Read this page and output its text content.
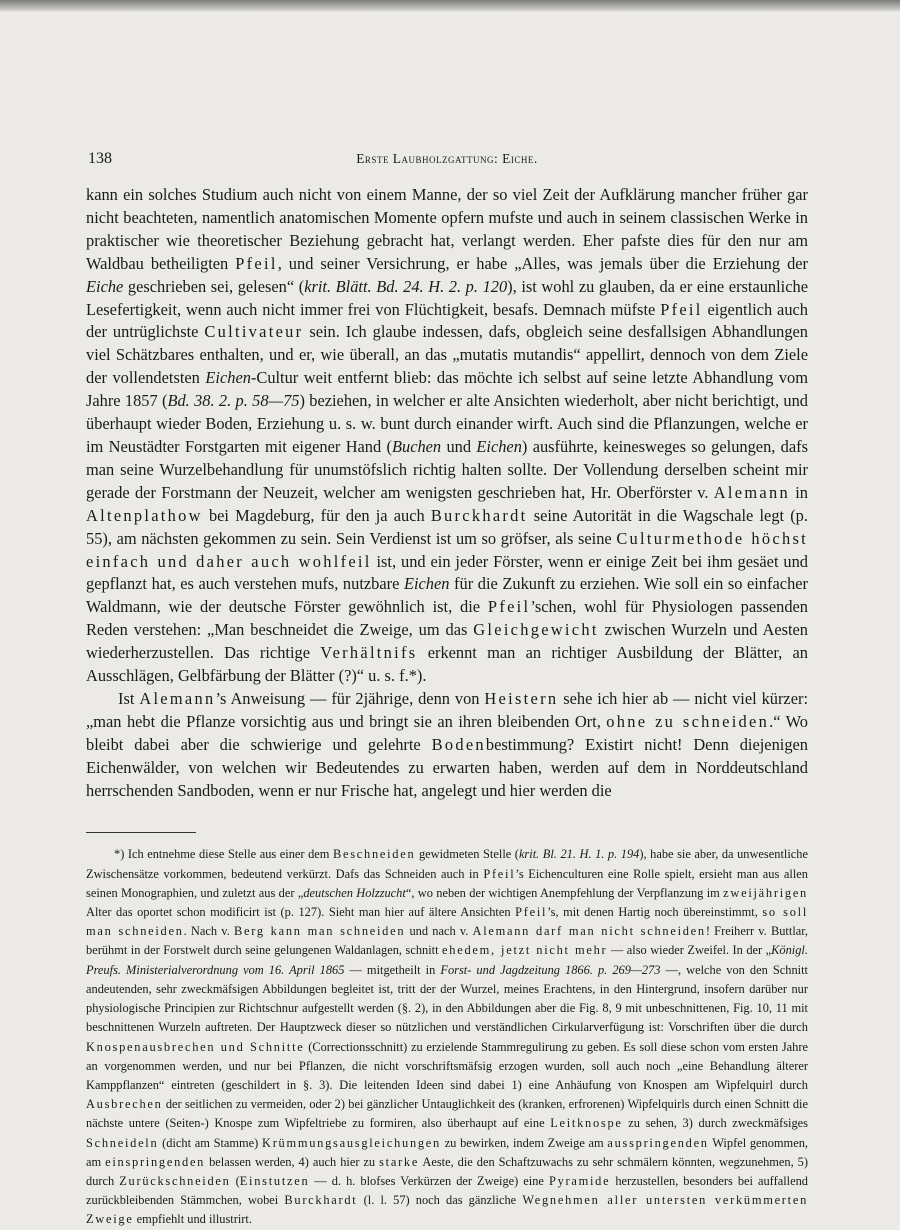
138	Erste Laubholzgattung: Eiche.

kann ein solches Studium auch nicht von einem Manne, der so viel Zeit der Aufklärung mancher früher gar nicht beachteten, namentlich anatomischen Momente opfern mufste und auch in seinem classischen Werke in praktischer wie theoretischer Beziehung gebracht hat, verlangt werden. Eher pafste dies für den nur am Waldbau betheiligten Pfeil, und seiner Versichrung, er habe „Alles, was jemals über die Erziehung der Eiche geschrieben sei, gelesen“ (krit. Blätt. Bd. 24. H. 2. p. 120), ist wohl zu glauben, da er eine erstaunliche Lesefertigkeit, wenn auch nicht immer frei von Flüchtigkeit, besafs. Demnach müfste Pfeil eigentlich auch der untrüglichste Cultivateur sein. Ich glaube indessen, dafs, obgleich seine desfallsigen Abhandlungen viel Schätzbares enthalten, und er, wie überall, an das „mutatis mutandis“ appellirt, dennoch von dem Ziele der vollendetsten Eichen-Cultur weit entfernt blieb: das möchte ich selbst auf seine letzte Abhandlung vom Jahre 1857 (Bd. 38. 2. p. 58—75) beziehen, in welcher er alte Ansichten wiederholt, aber nicht berichtigt, und überhaupt wieder Boden, Erziehung u. s. w. bunt durch einander wirft. Auch sind die Pflanzungen, welche er im Neustädter Forstgarten mit eigener Hand (Buchen und Eichen) ausführte, keinesweges so gelungen, dafs man seine Wurzelbehandlung für unumstöfslich richtig halten sollte. Der Vollendung derselben scheint mir gerade der Forstmann der Neuzeit, welcher am wenigsten geschrieben hat, Hr. Oberförster v. Alemann in Altenplathow bei Magdeburg, für den ja auch Burckhardt seine Autorität in die Wagschale legt (p. 55), am nächsten gekommen zu sein. Sein Verdienst ist um so gröfser, als seine Culturmethode höchst einfach und daher auch wohlfeil ist, und ein jeder Förster, wenn er einige Zeit bei ihm gesäet und gepflanzt hat, es auch verstehen mufs, nutzbare Eichen für die Zukunft zu erziehen. Wie soll ein so einfacher Waldmann, wie der deutsche Förster gewöhnlich ist, die Pfeil’schen, wohl für Physiologen passenden Reden verstehen: „Man beschneidet die Zweige, um das Gleichgewicht zwischen Wurzeln und Aesten wiederherzustellen. Das richtige Verhältnifs erkennt man an richtiger Ausbildung der Blätter, an Ausschlägen, Gelbfärbung der Blätter (?)“ u. s. f.*).

Ist Alemann’s Anweisung — für 2jährige, denn von Heistern sehe ich hier ab — nicht viel kürzer: „man hebt die Pflanze vorsichtig aus und bringt sie an ihren bleibenden Ort, ohne zu schneiden.“ Wo bleibt dabei aber die schwierige und gelehrte Bodenbestimmung? Existirt nicht! Denn diejenigen Eichenwälder, von welchen wir Bedeutendes zu erwarten haben, werden auf dem in Norddeutschland herrschenden Sandboden, wenn er nur Frische hat, angelegt und hier werden die

*) Ich entnehme diese Stelle aus einer dem Beschneiden gewidmeten Stelle (krit. Bl. 21. H. 1. p. 194), habe sie aber, da unwesentliche Zwischensätze vorkommen, bedeutend verkürzt. Dafs das Schneiden auch in Pfeil’s Eichenculturen eine Rolle spielt, ersieht man aus allen seinen Monographien, und zuletzt aus der „deutschen Holzzucht“, wo neben der wichtigen Anempfehlung der Verpflanzung im zweijährigen Alter das oportet schon modificirt ist (p. 127). Sieht man hier auf ältere Ansichten Pfeil’s, mit denen Hartig noch übereinstimmt, so soll man schneiden. Nach v. Berg kann man schneiden und nach v. Alemann darf man nicht schneiden! Freiherr v. Buttlar, berühmt in der Forstwelt durch seine gelungenen Waldanlagen, schnitt ehedem, jetzt nicht mehr — also wieder Zweifel. In der „Königl. Preufs. Ministerialverordnung vom 16. April 1865 — mitgetheilt in Forst- und Jagdzeitung 1866. p. 269—273 —, welche von den Schnitt andeutenden, sehr zweckmäfsigen Abbildungen begleitet ist, tritt der der Wurzel, meines Erachtens, in den Hintergrund, insofern darüber nur physiologische Principien zur Richtschnur aufgestellt werden (§. 2), in den Abbildungen aber die Fig. 8, 9 mit unbeschnittenen, Fig. 10, 11 mit beschnittenen Wurzeln auftreten. Der Hauptzweck dieser so nützlichen und verständlichen Cirkularverfügung ist: Vorschriften über die durch Knospenausbrechen und Schnitte (Correctionsschnitt) zu erzielende Stammregulirung zu geben. Es soll diese schon vom ersten Jahre an vorgenommen werden, und nur bei Pflanzen, die nicht vorschriftsmäfsig erzogen wurden, soll auch noch „eine Behandlung älterer Kamppflanzen“ eintreten (geschildert in §. 3). Die leitenden Ideen sind dabei 1) eine Anhäufung von Knospen am Wipfelquirl durch Ausbrechen der seitlichen zu vermeiden, oder 2) bei gänzlicher Untauglichkeit des (kranken, erfrorenen) Wipfelquirls durch einen Schnitt die nächste untere (Seiten-) Knospe zum Wipfeltriebe zu formiren, also überhaupt auf eine Leitknospe zu sehen, 3) durch zweckmäfsiges Schneideln (dicht am Stamme) Krümmungsausgleichungen zu bewirken, indem Zweige am ausspringenden Wipfel genommen, am einspringenden belassen werden, 4) auch hier zu starke Aeste, die den Schaftzuwachs zu sehr schmälern könnten, wegzunehmen, 5) durch Zurückschneiden (Einstutzen — d. h. blofses Verkürzen der Zweige) eine Pyramide herzustellen, besonders bei auffallend zurückbleibenden Stämmchen, wobei Burckhardt (l. l. 57) noch das gänzliche Wegnehmen aller untersten verkümmerten Zweige empfiehlt und illustrirt.
